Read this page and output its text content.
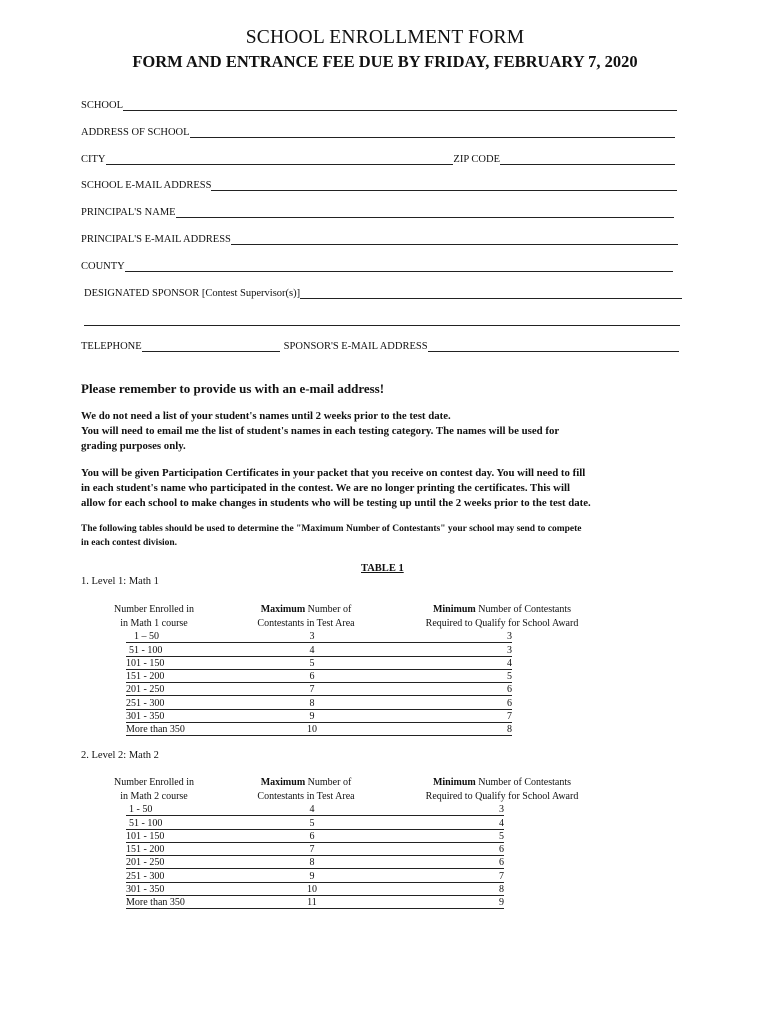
SCHOOL ENROLLMENT FORM
FORM AND ENTRANCE FEE DUE BY FRIDAY, FEBRUARY 7, 2020
SCHOOL
ADDRESS OF SCHOOL
CITY	ZIP CODE
SCHOOL E-MAIL ADDRESS
PRINCIPAL'S NAME
PRINCIPAL'S E-MAIL ADDRESS
COUNTY
DESIGNATED SPONSOR [Contest Supervisor(s)]
TELEPHONE	SPONSOR'S E-MAIL ADDRESS
Please remember to provide us with an e-mail address!
We do not need a list of your student's names until 2 weeks prior to the test date.
You will need to email me the list of student's names in each testing category. The names will be used for
grading purposes only.
You will be given Participation Certificates in your packet that you receive on contest day. You will need to fill
in each student's name who participated in the contest. We are no longer printing the certificates. This will
allow for each school to make changes in students who will be testing up until the 2 weeks prior to the test date.
The following tables should be used to determine the "Maximum Number of Contestants" your school may send to compete
in each contest division.
TABLE 1
1. Level 1: Math 1
Number Enrolled in
in Math 1 course
Maximum Number of
Contestants in Test Area
Minimum Number of Contestants
Required to Qualify for School Award
1 – 50	3	3
51 - 100	4	3
101 - 150	5	4
151 - 200	6	5
201 - 250	7	6
251 - 300	8	6
301 - 350	9	7
More than 350	10	8
2. Level 2: Math 2
Number Enrolled in
in Math 2 course
Maximum Number of
Contestants in Test Area
Minimum Number of Contestants
Required to Qualify for School Award
1 - 50	4	3
51 - 100	5	4
101 - 150	6	5
151 - 200	7	6
201 - 250	8	6
251 - 300	9	7
301 - 350	10	8
More than 350	11	9
